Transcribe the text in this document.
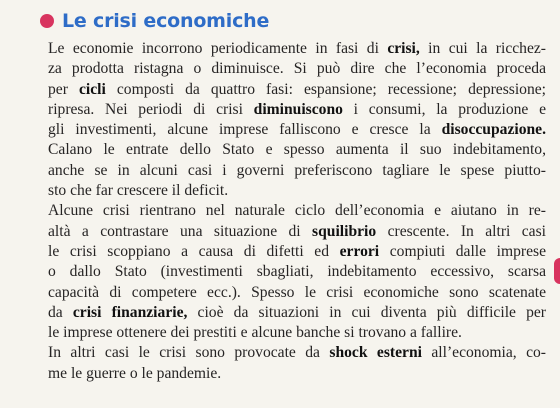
Le crisi economiche
Le economie incorrono periodicamente in fasi di crisi, in cui la ricchez-
za prodotta ristagna o diminuisce. Si può dire che l’economia proceda
per cicli composti da quattro fasi: espansione; recessione; depressione;
ripresa. Nei periodi di crisi diminuiscono i consumi, la produzione e
gli investimenti, alcune imprese falliscono e cresce la disoccupazione.
Calano le entrate dello Stato e spesso aumenta il suo indebitamento,
anche se in alcuni casi i governi preferiscono tagliare le spese piutto-
sto che far crescere il deficit.
Alcune crisi rientrano nel naturale ciclo dell’economia e aiutano in re-
altà a contrastare una situazione di squilibrio crescente. In altri casi
le crisi scoppiano a causa di difetti ed errori compiuti dalle imprese
o dallo Stato (investimenti sbagliati, indebitamento eccessivo, scarsa
capacità di competere ecc.). Spesso le crisi economiche sono scatenate
da crisi finanziarie, cioè da situazioni in cui diventa più difficile per
le imprese ottenere dei prestiti e alcune banche si trovano a fallire.
In altri casi le crisi sono provocate da shock esterni all’economia, co-
me le guerre o le pandemie.
